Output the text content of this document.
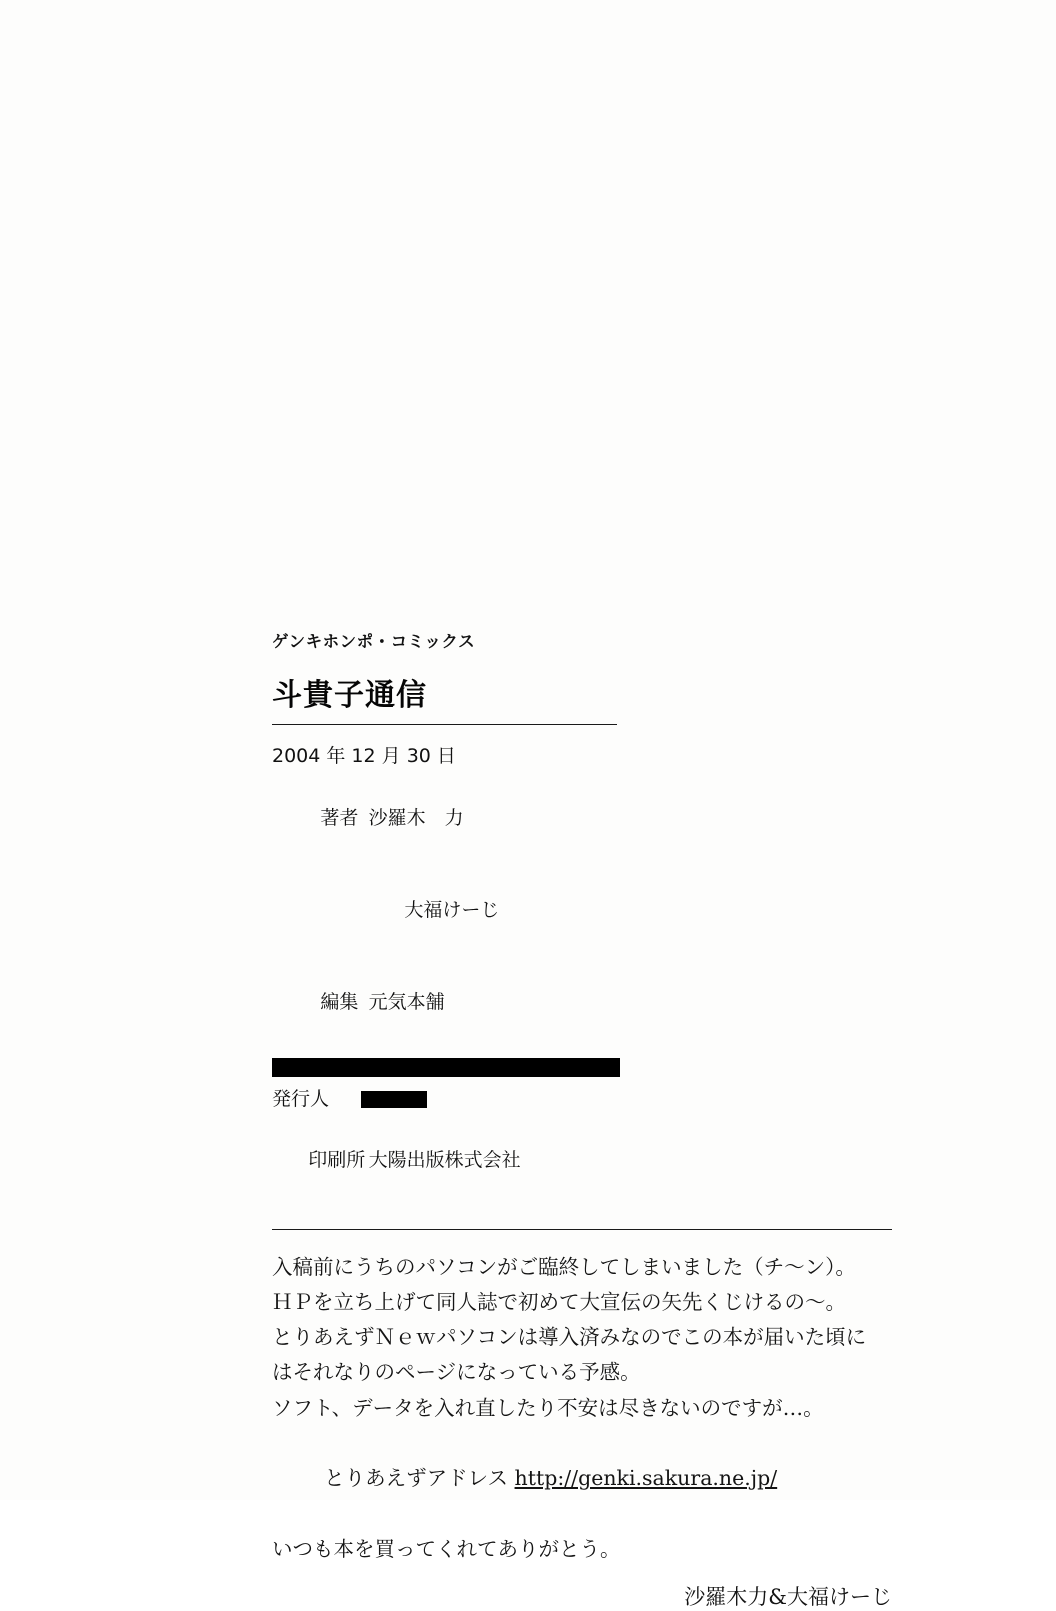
ゲンキホンポ・コミックス
斗貴子通信
2004 年 12 月 30 日

著者	沙羅木　力

大福けーじ

編集	元気本舗

発行人

印刷所	大陽出版株式会社

入稿前にうちのパソコンがご臨終してしまいました（チ〜ン）。
ＨＰを立ち上げて同人誌で初めて大宣伝の矢先くじけるの〜。
とりあえずＮｅｗパソコンは導入済みなのでこの本が届いた頃に
はそれなりのページになっている予感。
ソフト、データを入れ直したり不安は尽きないのですが…。

とりあえずアドレス http://genki.sakura.ne.jp/

いつも本を買ってくれてありがとう。
沙羅木力&大福けーじ
